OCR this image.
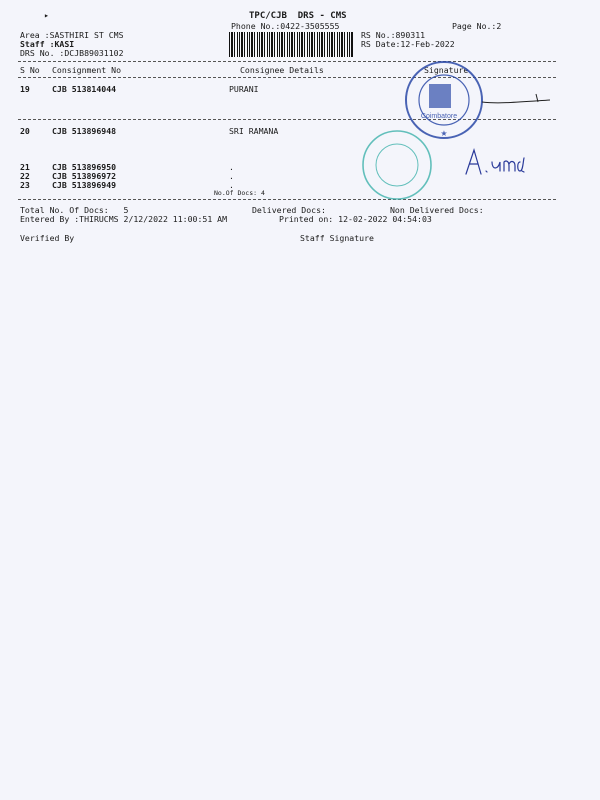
▸	TPC/CJB  DRS - CMS
Phone No.:0422-3505555	Page No.:2
Area :SASTHIRI ST CMS
Staff :KASI
DRS No. :DCJB89031102
RS No.:890311
RS Date:12-Feb-2022
S No Consignment No	Consignee Details	Signature
19	CJB 513814044	PURANI
20	CJB 513896948	SRI RAMANA
21	CJB 513896950	.
22	CJB 513896972	.
23	CJB 513896949	.
No.Of Docs: 4
Total No. Of Docs:   5	Delivered Docs:	Non Delivered Docs:
Entered By :THIRUCMS 2/12/2022 11:00:51 AM	Printed on: 12-02-2022 04:54:03
Verified By	Staff Signature
Coimbatore
★
